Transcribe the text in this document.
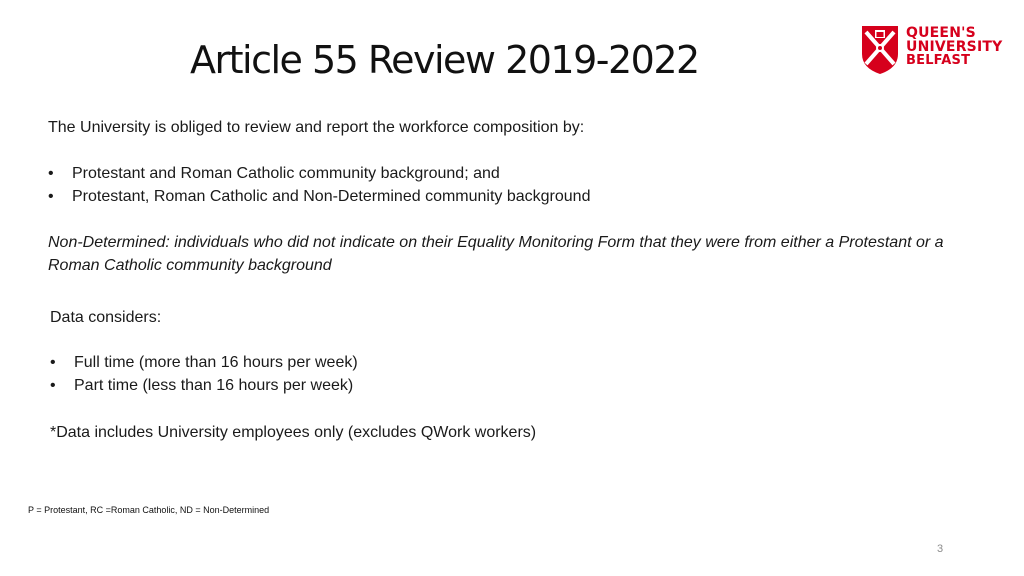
Article 55 Review 2019-2022
QUEEN'S
UNIVERSITY
BELFAST
The University is obliged to review and report the workforce composition by:
• Protestant and Roman Catholic community background; and
• Protestant, Roman Catholic and Non-Determined community background
Non-Determined: individuals who did not indicate on their Equality Monitoring Form that they were from either a Protestant or a Roman Catholic community background
Data considers:
• Full time (more than 16 hours per week)
• Part time (less than 16 hours per week)
*Data includes University employees only (excludes QWork workers)
P = Protestant, RC =Roman Catholic, ND = Non-Determined
3
